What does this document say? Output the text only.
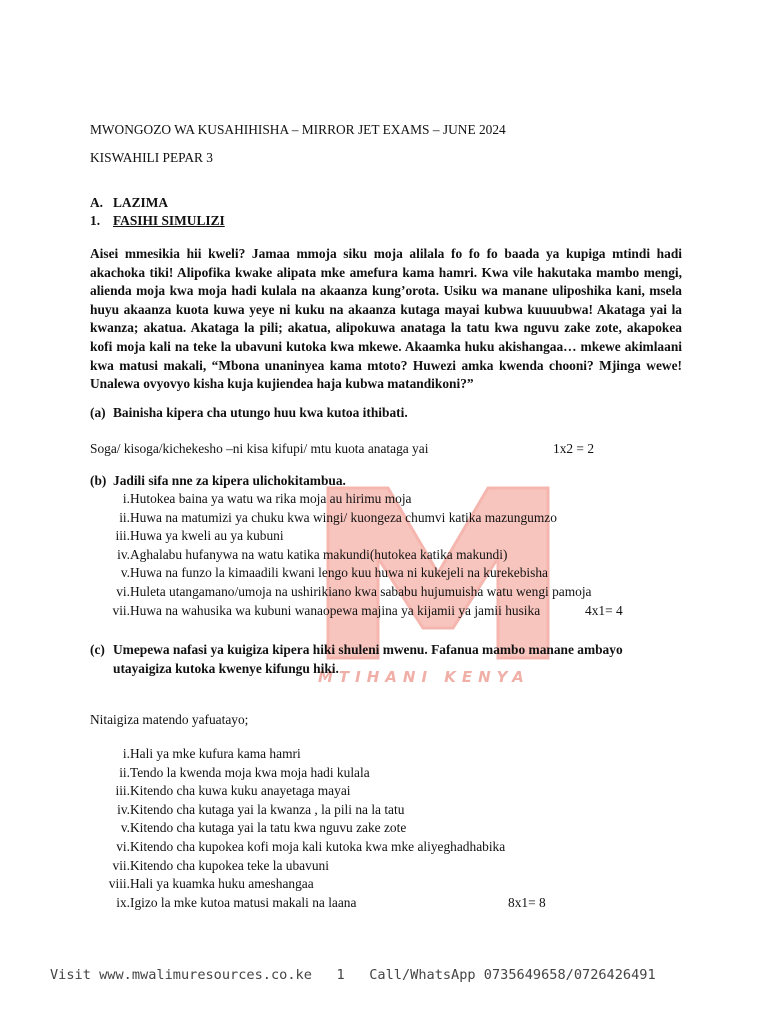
MTIHANI KENYA
MWONGOZO WA KUSAHIHISHA – MIRROR JET EXAMS – JUNE 2024
KISWAHILI PEPAR 3
A. LAZIMA
1. FASIHI SIMULIZI
Aisei mmesikia hii kweli? Jamaa mmoja siku moja alilala fo fo fo baada ya kupiga mtindi hadi akachoka tiki! Alipofika kwake alipata mke amefura kama hamri. Kwa vile hakutaka mambo mengi, alienda moja kwa moja hadi kulala na akaanza kung’orota. Usiku wa manane uliposhika kani, msela huyu akaanza kuota kuwa yeye ni kuku na akaanza kutaga mayai kubwa kuuuubwa! Akataga yai la kwanza; akatua. Akataga la pili; akatua, alipokuwa anataga la tatu kwa nguvu zake zote, akapokea kofi moja kali na teke la ubavuni kutoka kwa mkewe. Akaamka huku akishangaa… mkewe akimlaani kwa matusi makali, “Mbona unaninyea kama mtoto? Huwezi amka kwenda chooni? Mjinga wewe! Unalewa ovyovyo kisha kuja kujiendea haja kubwa matandikoni?”
(a) Bainisha kipera cha utungo huu kwa kutoa ithibati.
Soga/ kisoga/kichekesho –ni kisa kifupi/ mtu kuota anataga yai	1x2 = 2
(b) Jadili sifa nne za kipera ulichokitambua.
i. Hutokea baina ya watu wa rika moja au hirimu moja
ii. Huwa na matumizi ya chuku kwa wingi/ kuongeza chumvi katika mazungumzo
iii. Huwa ya kweli au ya kubuni
iv. Aghalabu hufanywa na watu katika makundi(hutokea katika makundi)
v. Huwa na funzo la kimaadili kwani lengo kuu huwa ni kukejeli na kurekebisha
vi. Huleta utangamano/umoja na ushirikiano kwa sababu hujumuisha watu wengi pamoja
vii. Huwa na wahusika wa kubuni wanaopewa majina ya kijamii ya jamii husika	4x1= 4
(c) Umepewa nafasi ya kuigiza kipera hiki shuleni mwenu. Fafanua mambo manane ambayo
utayaigiza kutoka kwenye kifungu hiki.
Nitaigiza matendo yafuatayo;
i. Hali ya mke kufura kama hamri
ii. Tendo la kwenda moja kwa moja hadi kulala
iii. Kitendo cha kuwa kuku anayetaga mayai
iv. Kitendo cha kutaga yai la kwanza , la pili na la tatu
v. Kitendo cha kutaga yai la tatu kwa nguvu zake zote
vi. Kitendo cha kupokea kofi moja kali kutoka kwa mke aliyeghadhabika
vii. Kitendo cha kupokea teke la ubavuni
viii. Hali ya kuamka huku ameshangaa
ix. Igizo la mke kutoa matusi makali na laana	8x1= 8
Visit www.mwalimuresources.co.ke 1 Call/WhatsApp 0735649658/0726426491
